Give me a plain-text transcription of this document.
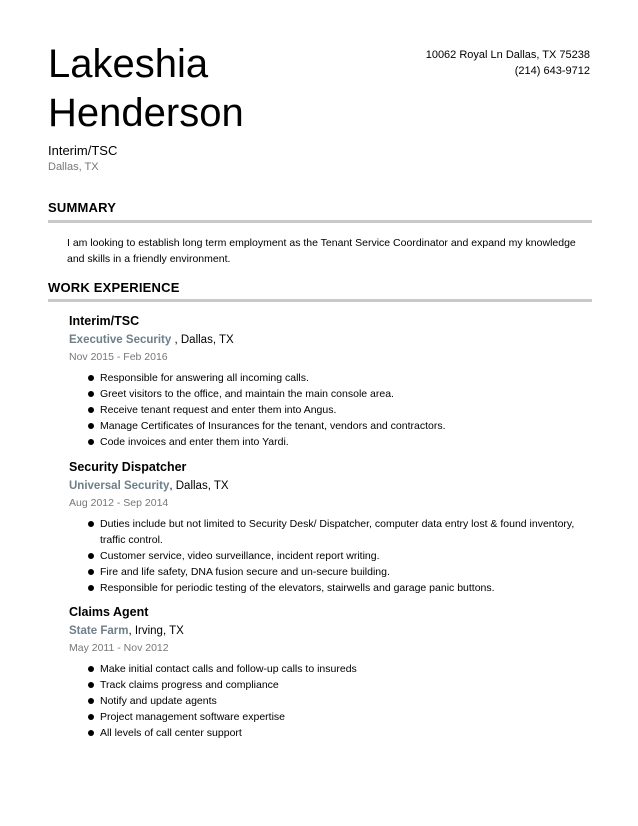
Lakeshia
Henderson
10062 Royal Ln Dallas, TX 75238
(214) 643-9712
Interim/TSC
Dallas, TX
SUMMARY
I am looking to establish long term employment as the Tenant Service Coordinator and expand my knowledge
and skills in a friendly environment.
WORK EXPERIENCE
Interim/TSC
Executive Security , Dallas, TX
Nov 2015 - Feb 2016
Responsible for answering all incoming calls.
Greet visitors to the office, and maintain the main console area.
Receive tenant request and enter them into Angus.
Manage Certificates of Insurances for the tenant, vendors and contractors.
Code invoices and enter them into Yardi.
Security Dispatcher
Universal Security, Dallas, TX
Aug 2012 - Sep 2014
Duties include but not limited to Security Desk/ Dispatcher, computer data entry lost & found inventory, traffic control.
Customer service, video surveillance, incident report writing.
Fire and life safety, DNA fusion secure and un-secure building.
Responsible for periodic testing of the elevators, stairwells and garage panic buttons.
Claims Agent
State Farm, Irving, TX
May 2011 - Nov 2012
Make initial contact calls and follow-up calls to insureds
Track claims progress and compliance
Notify and update agents
Project management software expertise
All levels of call center support
